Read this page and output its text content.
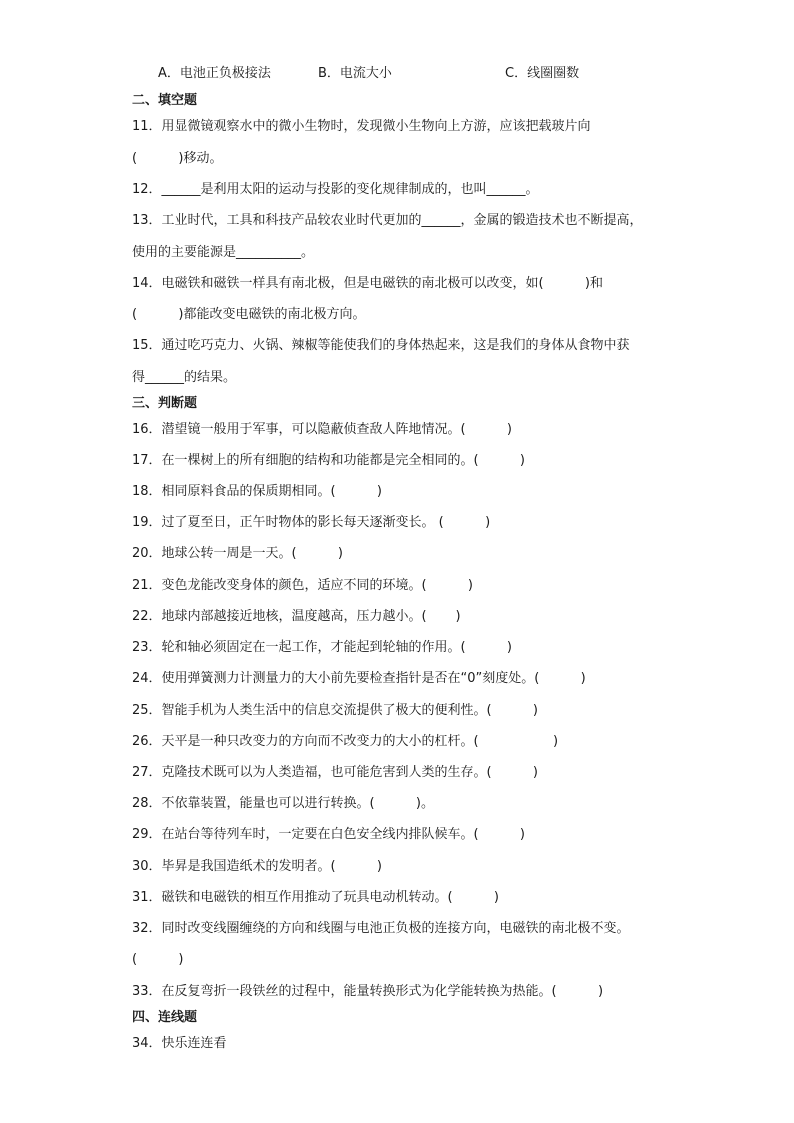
A．电池正负极接法	B．电流大小	C．线圈圈数
二、填空题
11．用显微镜观察水中的微小生物时，发现微小生物向上方游，应该把载玻片向
(          )移动。
12．______是利用太阳的运动与投影的变化规律制成的，也叫______。
13．工业时代，工具和科技产品较农业时代更加的______，金属的锻造技术也不断提高，
使用的主要能源是__________。
14．电磁铁和磁铁一样具有南北极，但是电磁铁的南北极可以改变，如(          )和
(          )都能改变电磁铁的南北极方向。
15．通过吃巧克力、火锅、辣椒等能使我们的身体热起来，这是我们的身体从食物中获
得______的结果。
三、判断题
16．潜望镜一般用于军事，可以隐蔽侦查敌人阵地情况。(          )
17．在一棵树上的所有细胞的结构和功能都是完全相同的。(          )
18．相同原料食品的保质期相同。(          )
19．过了夏至日，正午时物体的影长每天逐渐变长。 (          )
20．地球公转一周是一天。(          )
21．变色龙能改变身体的颜色，适应不同的环境。(          )
22．地球内部越接近地核，温度越高，压力越小。(       )
23．轮和轴必须固定在一起工作，才能起到轮轴的作用。(          )
24．使用弹簧测力计测量力的大小前先要检查指针是否在“0”刻度处。(          )
25．智能手机为人类生活中的信息交流提供了极大的便利性。(          )
26．天平是一种只改变力的方向而不改变力的大小的杠杆。(                  )
27．克隆技术既可以为人类造福，也可能危害到人类的生存。(          )
28．不依靠装置，能量也可以进行转换。(          )。
29．在站台等待列车时，一定要在白色安全线内排队候车。(          )
30．毕昇是我国造纸术的发明者。(          )
31．磁铁和电磁铁的相互作用推动了玩具电动机转动。(          )
32．同时改变线圈缠绕的方向和线圈与电池正负极的连接方向，电磁铁的南北极不变。
(          )
33．在反复弯折一段铁丝的过程中，能量转换形式为化学能转换为热能。(          )
四、连线题
34．快乐连连看
